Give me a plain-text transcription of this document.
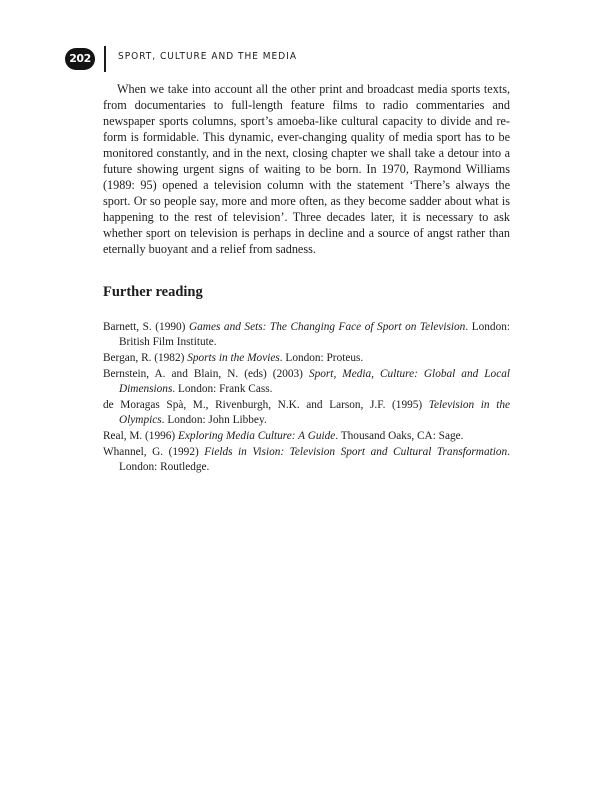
202	SPORT, CULTURE AND THE MEDIA

When we take into account all the other print and broadcast media sports texts, from documentaries to full-length feature films to radio commentaries and newspaper sports columns, sport’s amoeba-like cultural capacity to divide and re-form is formidable. This dynamic, ever-changing quality of media sport has to be monitored constantly, and in the next, closing chapter we shall take a detour into a future showing urgent signs of waiting to be born. In 1970, Raymond Williams (1989: 95) opened a television column with the statement ‘There’s always the sport. Or so people say, more and more often, as they become sadder about what is happening to the rest of television’. Three decades later, it is necessary to ask whether sport on television is perhaps in decline and a source of angst rather than eternally buoyant and a relief from sadness.

Further reading
Barnett, S. (1990) Games and Sets: The Changing Face of Sport on Television. London: British Film Institute.
Bergan, R. (1982) Sports in the Movies. London: Proteus.
Bernstein, A. and Blain, N. (eds) (2003) Sport, Media, Culture: Global and Local Dimensions. London: Frank Cass.
de Moragas Spà, M., Rivenburgh, N.K. and Larson, J.F. (1995) Television in the Olympics. London: John Libbey.
Real, M. (1996) Exploring Media Culture: A Guide. Thousand Oaks, CA: Sage.
Whannel, G. (1992) Fields in Vision: Television Sport and Cultural Transformation. London: Routledge.
